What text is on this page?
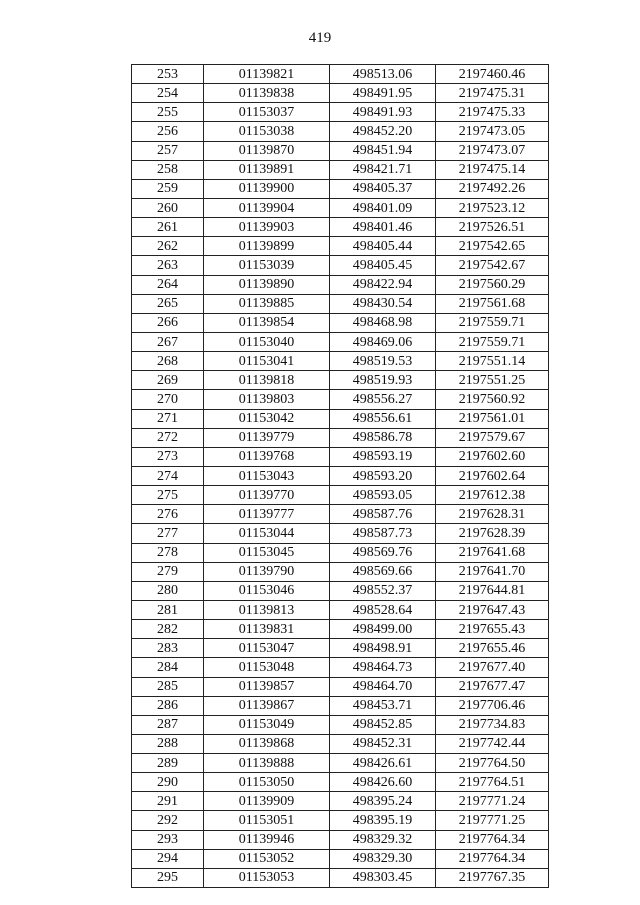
419
253	01139821	498513.06	2197460.46
254	01139838	498491.95	2197475.31
255	01153037	498491.93	2197475.33
256	01153038	498452.20	2197473.05
257	01139870	498451.94	2197473.07
258	01139891	498421.71	2197475.14
259	01139900	498405.37	2197492.26
260	01139904	498401.09	2197523.12
261	01139903	498401.46	2197526.51
262	01139899	498405.44	2197542.65
263	01153039	498405.45	2197542.67
264	01139890	498422.94	2197560.29
265	01139885	498430.54	2197561.68
266	01139854	498468.98	2197559.71
267	01153040	498469.06	2197559.71
268	01153041	498519.53	2197551.14
269	01139818	498519.93	2197551.25
270	01139803	498556.27	2197560.92
271	01153042	498556.61	2197561.01
272	01139779	498586.78	2197579.67
273	01139768	498593.19	2197602.60
274	01153043	498593.20	2197602.64
275	01139770	498593.05	2197612.38
276	01139777	498587.76	2197628.31
277	01153044	498587.73	2197628.39
278	01153045	498569.76	2197641.68
279	01139790	498569.66	2197641.70
280	01153046	498552.37	2197644.81
281	01139813	498528.64	2197647.43
282	01139831	498499.00	2197655.43
283	01153047	498498.91	2197655.46
284	01153048	498464.73	2197677.40
285	01139857	498464.70	2197677.47
286	01139867	498453.71	2197706.46
287	01153049	498452.85	2197734.83
288	01139868	498452.31	2197742.44
289	01139888	498426.61	2197764.50
290	01153050	498426.60	2197764.51
291	01139909	498395.24	2197771.24
292	01153051	498395.19	2197771.25
293	01139946	498329.32	2197764.34
294	01153052	498329.30	2197764.34
295	01153053	498303.45	2197767.35
